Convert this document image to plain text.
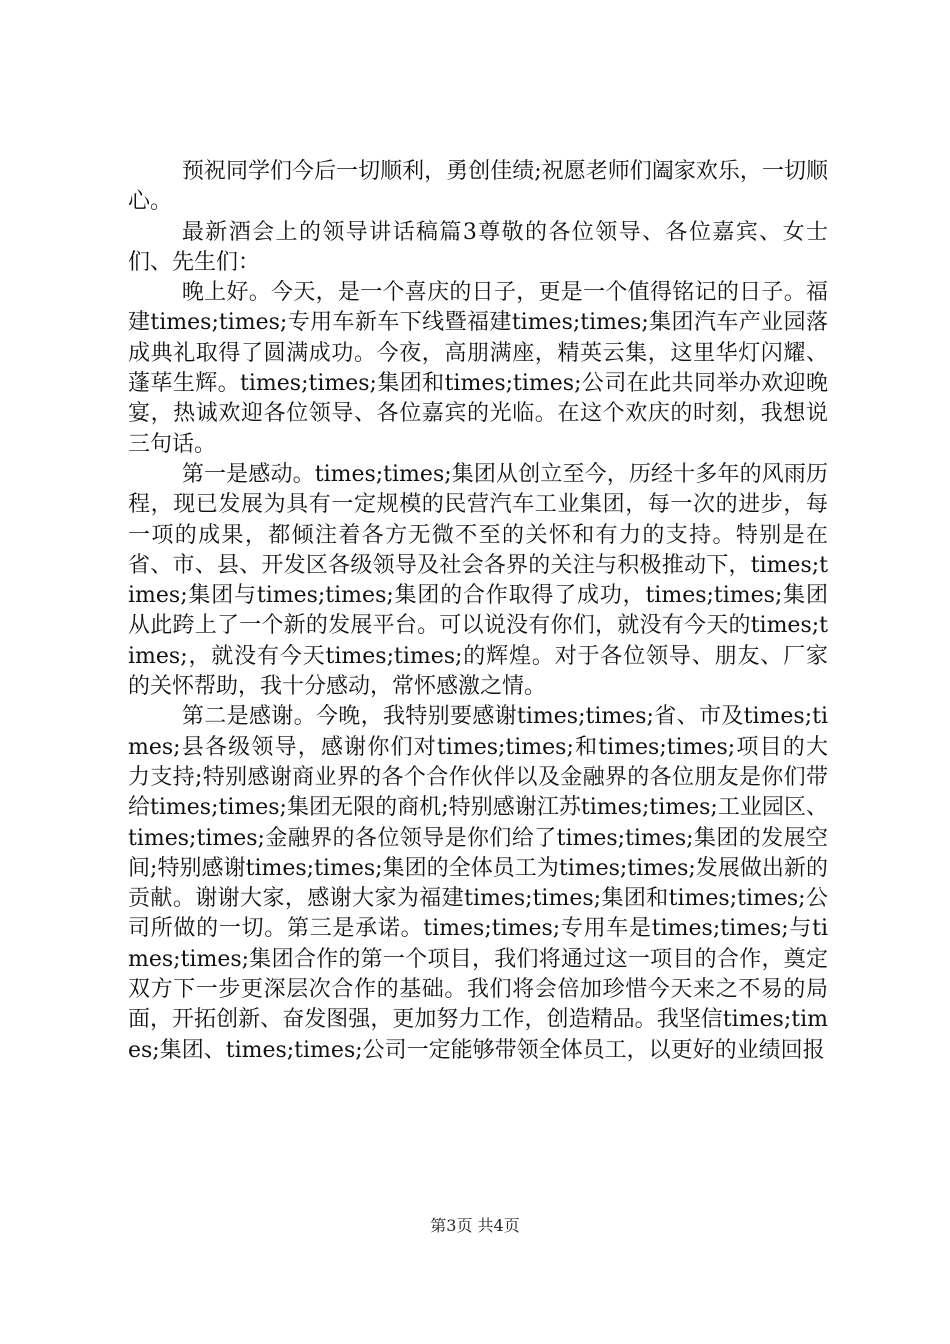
预祝同学们今后一切顺利，勇创佳绩;祝愿老师们阖家欢乐，一切顺心。

最新酒会上的领导讲话稿篇3尊敬的各位领导、各位嘉宾、女士们、先生们：

晚上好。今天，是一个喜庆的日子，更是一个值得铭记的日子。福建times;times;专用车新车下线暨福建times;times;集团汽车产业园落成典礼取得了圆满成功。今夜，高朋满座，精英云集，这里华灯闪耀、蓬荜生辉。times;times;集团和times;times;公司在此共同举办欢迎晚宴，热诚欢迎各位领导、各位嘉宾的光临。在这个欢庆的时刻，我想说三句话。

第一是感动。times;times;集团从创立至今，历经十多年的风雨历程，现已发展为具有一定规模的民营汽车工业集团，每一次的进步，每一项的成果，都倾注着各方无微不至的关怀和有力的支持。特别是在省、市、县、开发区各级领导及社会各界的关注与积极推动下，times;times;集团与times;times;集团的合作取得了成功，times;times;集团从此跨上了一个新的发展平台。可以说没有你们，就没有今天的times;times;，就没有今天times;times;的辉煌。对于各位领导、朋友、厂家的关怀帮助，我十分感动，常怀感激之情。

第二是感谢。今晚，我特别要感谢times;times;省、市及times;times;县各级领导，感谢你们对times;times;和times;times;项目的大力支持;特别感谢商业界的各个合作伙伴以及金融界的各位朋友是你们带给times;times;集团无限的商机;特别感谢江苏times;times;工业园区、times;times;金融界的各位领导是你们给了times;times;集团的发展空间;特别感谢times;times;集团的全体员工为times;times;发展做出新的贡献。谢谢大家，感谢大家为福建times;times;集团和times;times;公司所做的一切。第三是承诺。times;times;专用车是times;times;与times;times;集团合作的第一个项目，我们将通过这一项目的合作，奠定双方下一步更深层次合作的基础。我们将会倍加珍惜今天来之不易的局面，开拓创新、奋发图强，更加努力工作，创造精品。我坚信times;times;集团、times;times;公司一定能够带领全体员工，以更好的业绩回报

第3页 共4页
